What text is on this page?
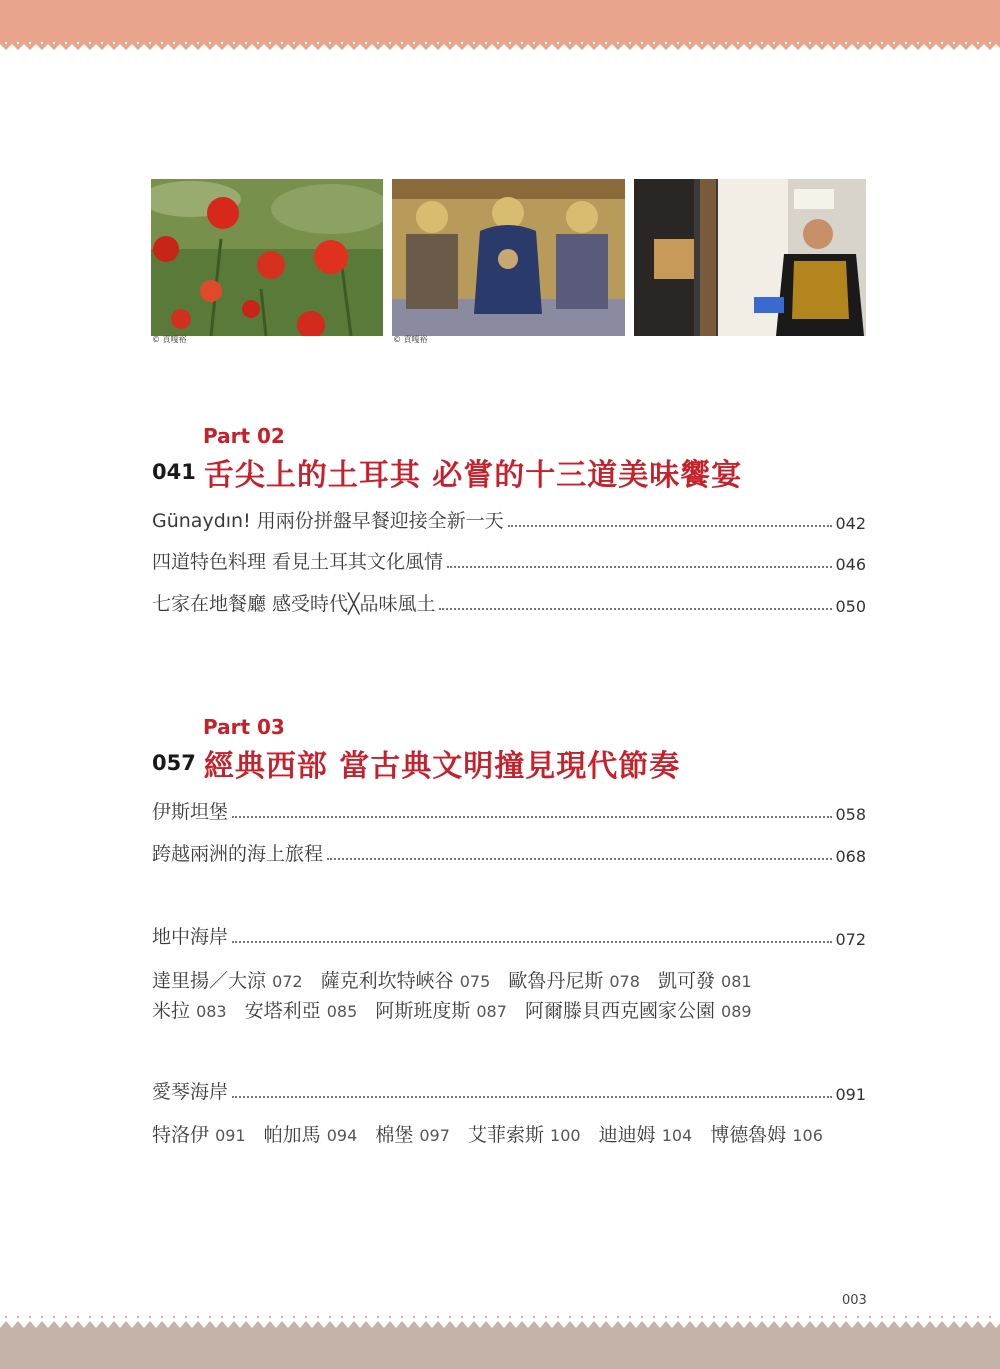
© 貢嘎裕	© 貢嘎裕
Part 02
041 舌尖上的土耳其 必嘗的十三道美味饗宴
Günaydın! 用兩份拼盤早餐迎接全新一天	042
四道特色料理 看見土耳其文化風情	046
七家在地餐廳 感受時代╳品味風土	050
Part 03
057 經典西部 當古典文明撞見現代節奏
伊斯坦堡	058
跨越兩洲的海上旅程	068
地中海岸	072
達里揚／大涼 072 薩克利坎特峽谷 075 歐魯丹尼斯 078 凱可發 081
米拉 083 安塔利亞 085 阿斯班度斯 087 阿爾滕貝西克國家公園 089
愛琴海岸	091
特洛伊 091 帕加馬 094 棉堡 097 艾菲索斯 100 迪迪姆 104 博德魯姆 106
003
